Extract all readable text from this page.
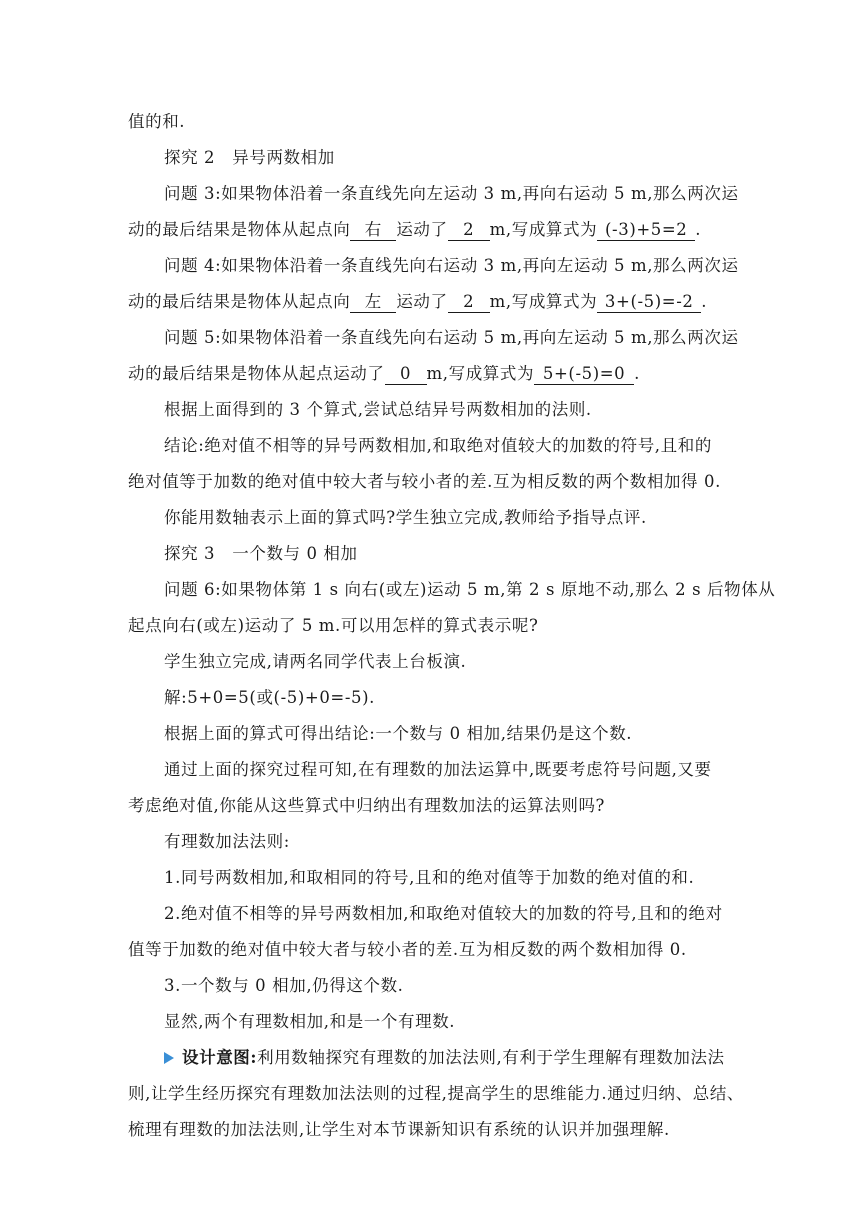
值的和.
探究 2　异号两数相加
问题 3:如果物体沿着一条直线先向左运动 3 m,再向右运动 5 m,那么两次运
动的最后结果是物体从起点向 右 运动了 2 m,写成算式为 (-3)+5=2 .
问题 4:如果物体沿着一条直线先向右运动 3 m,再向左运动 5 m,那么两次运
动的最后结果是物体从起点向 左 运动了 2 m,写成算式为 3+(-5)=-2 .
问题 5:如果物体沿着一条直线先向右运动 5 m,再向左运动 5 m,那么两次运
动的最后结果是物体从起点运动了 0 m,写成算式为 5+(-5)=0 .
根据上面得到的 3 个算式,尝试总结异号两数相加的法则.
结论:绝对值不相等的异号两数相加,和取绝对值较大的加数的符号,且和的
绝对值等于加数的绝对值中较大者与较小者的差.互为相反数的两个数相加得 0.
你能用数轴表示上面的算式吗?学生独立完成,教师给予指导点评.
探究 3　一个数与 0 相加
问题 6:如果物体第 1 s 向右(或左)运动 5 m,第 2 s 原地不动,那么 2 s 后物体从
起点向右(或左)运动了 5 m.可以用怎样的算式表示呢?
学生独立完成,请两名同学代表上台板演.
解:5+0=5(或(-5)+0=-5).
根据上面的算式可得出结论:一个数与 0 相加,结果仍是这个数.
通过上面的探究过程可知,在有理数的加法运算中,既要考虑符号问题,又要
考虑绝对值,你能从这些算式中归纳出有理数加法的运算法则吗?
有理数加法法则:
1.同号两数相加,和取相同的符号,且和的绝对值等于加数的绝对值的和.
2.绝对值不相等的异号两数相加,和取绝对值较大的加数的符号,且和的绝对
值等于加数的绝对值中较大者与较小者的差.互为相反数的两个数相加得 0.
3.一个数与 0 相加,仍得这个数.
显然,两个有理数相加,和是一个有理数.
设计意图:利用数轴探究有理数的加法法则,有利于学生理解有理数加法法
则,让学生经历探究有理数加法法则的过程,提高学生的思维能力.通过归纳、总结、
梳理有理数的加法法则,让学生对本节课新知识有系统的认识并加强理解.
